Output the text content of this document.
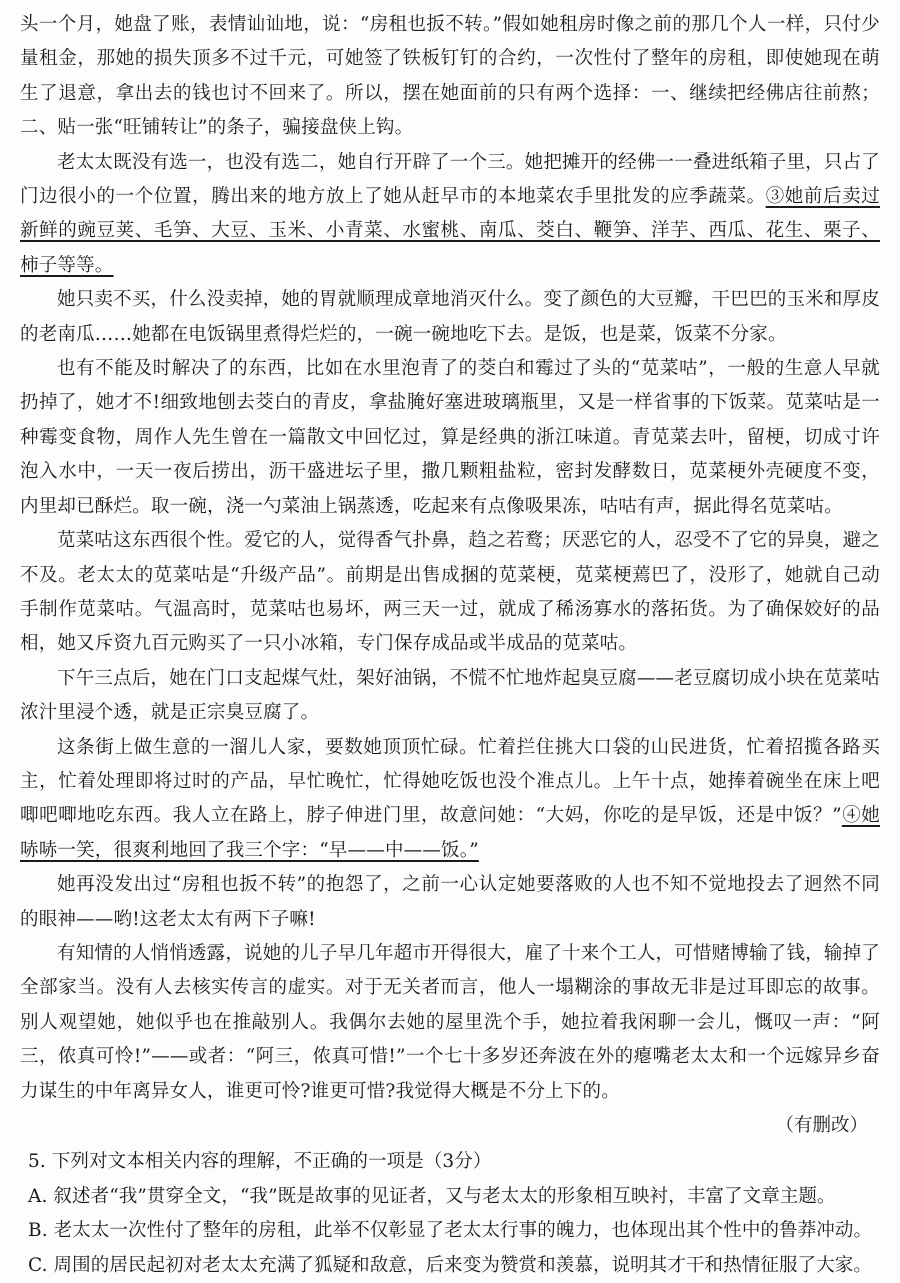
头一个月，她盘了账，表情讪讪地，说：“房租也扳不转。”假如她租房时像之前的那几个人一样，只付少量租金，那她的损失顶多不过千元，可她签了铁板钉钉的合约，一次性付了整年的房租，即使她现在萌生了退意，拿出去的钱也讨不回来了。所以，摆在她面前的只有两个选择：一、继续把经佛店往前熬；二、贴一张“旺铺转让”的条子，骗接盘侠上钩。

老太太既没有选一，也没有选二，她自行开辟了一个三。她把摊开的经佛一一叠进纸箱子里，只占了门边很小的一个位置，腾出来的地方放上了她从赶早市的本地菜农手里批发的应季蔬菜。③她前后卖过新鲜的豌豆荚、毛笋、大豆、玉米、小青菜、水蜜桃、南瓜、茭白、鞭笋、洋芋、西瓜、花生、栗子、柿子等等。

她只卖不买，什么没卖掉，她的胃就顺理成章地消灭什么。变了颜色的大豆瓣，干巴巴的玉米和厚皮的老南瓜……她都在电饭锅里煮得烂烂的，一碗一碗地吃下去。是饭，也是菜，饭菜不分家。

也有不能及时解决了的东西，比如在水里泡青了的茭白和霉过了头的“苋菜咕”，一般的生意人早就扔掉了，她才不!细致地刨去茭白的青皮，拿盐腌好塞进玻璃瓶里，又是一样省事的下饭菜。苋菜咕是一种霉变食物，周作人先生曾在一篇散文中回忆过，算是经典的浙江味道。青苋菜去叶，留梗，切成寸许泡入水中，一天一夜后捞出，沥干盛进坛子里，撒几颗粗盐粒，密封发酵数日，苋菜梗外壳硬度不变，内里却已酥烂。取一碗，浇一勺菜油上锅蒸透，吃起来有点像吸果冻，咕咕有声，据此得名苋菜咕。

苋菜咕这东西很个性。爱它的人，觉得香气扑鼻，趋之若鹜；厌恶它的人，忍受不了它的异臭，避之不及。老太太的苋菜咕是“升级产品”。前期是出售成捆的苋菜梗，苋菜梗蔫巴了，没形了，她就自己动手制作苋菜咕。气温高时，苋菜咕也易坏，两三天一过，就成了稀汤寡水的落拓货。为了确保姣好的品相，她又斥资九百元购买了一只小冰箱，专门保存成品或半成品的苋菜咕。

下午三点后，她在门口支起煤气灶，架好油锅，不慌不忙地炸起臭豆腐——老豆腐切成小块在苋菜咕浓汁里浸个透，就是正宗臭豆腐了。

这条街上做生意的一溜儿人家，要数她顶顶忙碌。忙着拦住挑大口袋的山民进货，忙着招揽各路买主，忙着处理即将过时的产品，早忙晚忙，忙得她吃饭也没个准点儿。上午十点，她捧着碗坐在床上吧唧吧唧地吃东西。我人立在路上，脖子伸进门里，故意问她：“大妈，你吃的是早饭，还是中饭？”④她哧哧一笑，很爽利地回了我三个字：“早——中——饭。”

她再没发出过“房租也扳不转”的抱怨了，之前一心认定她要落败的人也不知不觉地投去了迥然不同的眼神——哟!这老太太有两下子嘛!

有知情的人悄悄透露，说她的儿子早几年超市开得很大，雇了十来个工人，可惜赌博输了钱，输掉了全部家当。没有人去核实传言的虚实。对于无关者而言，他人一塌糊涂的事故无非是过耳即忘的故事。别人观望她，她似乎也在推敲别人。我偶尔去她的屋里洗个手，她拉着我闲聊一会儿，慨叹一声：“阿三，侬真可怜!”——或者：“阿三，侬真可惜!”一个七十多岁还奔波在外的瘪嘴老太太和一个远嫁异乡奋力谋生的中年离异女人，谁更可怜?谁更可惜?我觉得大概是不分上下的。

（有删改）

5. 下列对文本相关内容的理解，不正确的一项是（3分）

A. 叙述者“我”贯穿全文，“我”既是故事的见证者，又与老太太的形象相互映衬，丰富了文章主题。

B. 老太太一次性付了整年的房租，此举不仅彰显了老太太行事的魄力，也体现出其个性中的鲁莽冲动。

C. 周围的居民起初对老太太充满了狐疑和敌意，后来变为赞赏和羡慕，说明其才干和热情征服了大家。
